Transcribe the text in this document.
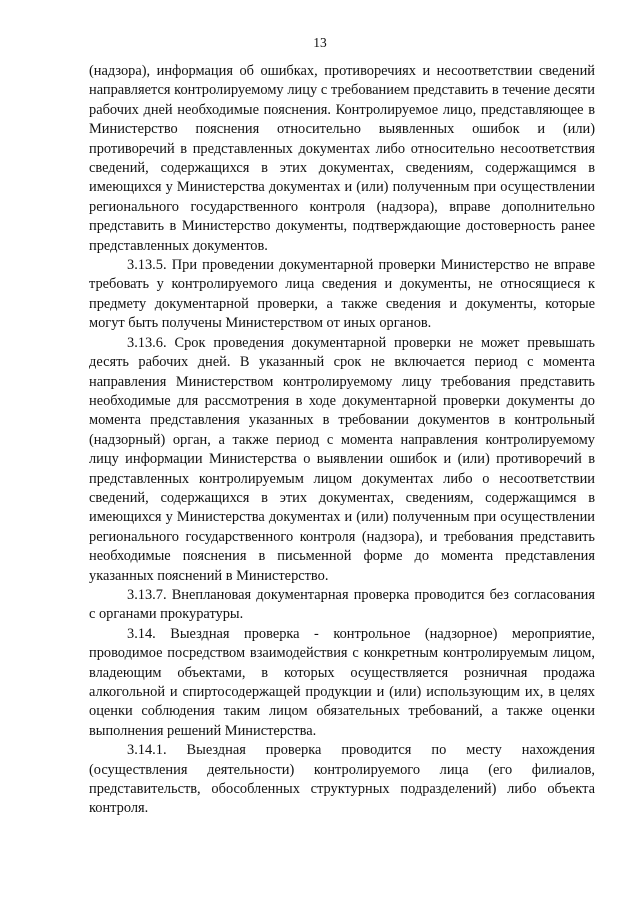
13

(надзора), информация об ошибках, противоречиях и несоответствии сведений направляется контролируемому лицу с требованием представить в течение десяти рабочих дней необходимые пояснения. Контролируемое лицо, представляющее в Министерство пояснения относительно выявленных ошибок и (или) противоречий в представленных документах либо относительно несоответствия сведений, содержащихся в этих документах, сведениям, содержащимся в имеющихся у Министерства документах и (или) полученным при осуществлении регионального государственного контроля (надзора), вправе дополнительно представить в Министерство документы, подтверждающие достоверность ранее представленных документов.

3.13.5. При проведении документарной проверки Министерство не вправе требовать у контролируемого лица сведения и документы, не относящиеся к предмету документарной проверки, а также сведения и документы, которые могут быть получены Министерством от иных органов.

3.13.6. Срок проведения документарной проверки не может превышать десять рабочих дней. В указанный срок не включается период с момента направления Министерством контролируемому лицу требования представить необходимые для рассмотрения в ходе документарной проверки документы до момента представления указанных в требовании документов в контрольный (надзорный) орган, а также период с момента направления контролируемому лицу информации Министерства о выявлении ошибок и (или) противоречий в представленных контролируемым лицом документах либо о несоответствии сведений, содержащихся в этих документах, сведениям, содержащимся в имеющихся у Министерства документах и (или) полученным при осуществлении регионального государственного контроля (надзора), и требования представить необходимые пояснения в письменной форме до момента представления указанных пояснений в Министерство.

3.13.7. Внеплановая документарная проверка проводится без согласования с органами прокуратуры.

3.14. Выездная проверка - контрольное (надзорное) мероприятие, проводимое посредством взаимодействия с конкретным контролируемым лицом, владеющим объектами, в которых осуществляется розничная продажа алкогольной и спиртосодержащей продукции и (или) использующим их, в целях оценки соблюдения таким лицом обязательных требований, а также оценки выполнения решений Министерства.

3.14.1. Выездная проверка проводится по месту нахождения (осуществления деятельности) контролируемого лица (его филиалов, представительств, обособленных структурных подразделений) либо объекта контроля.
